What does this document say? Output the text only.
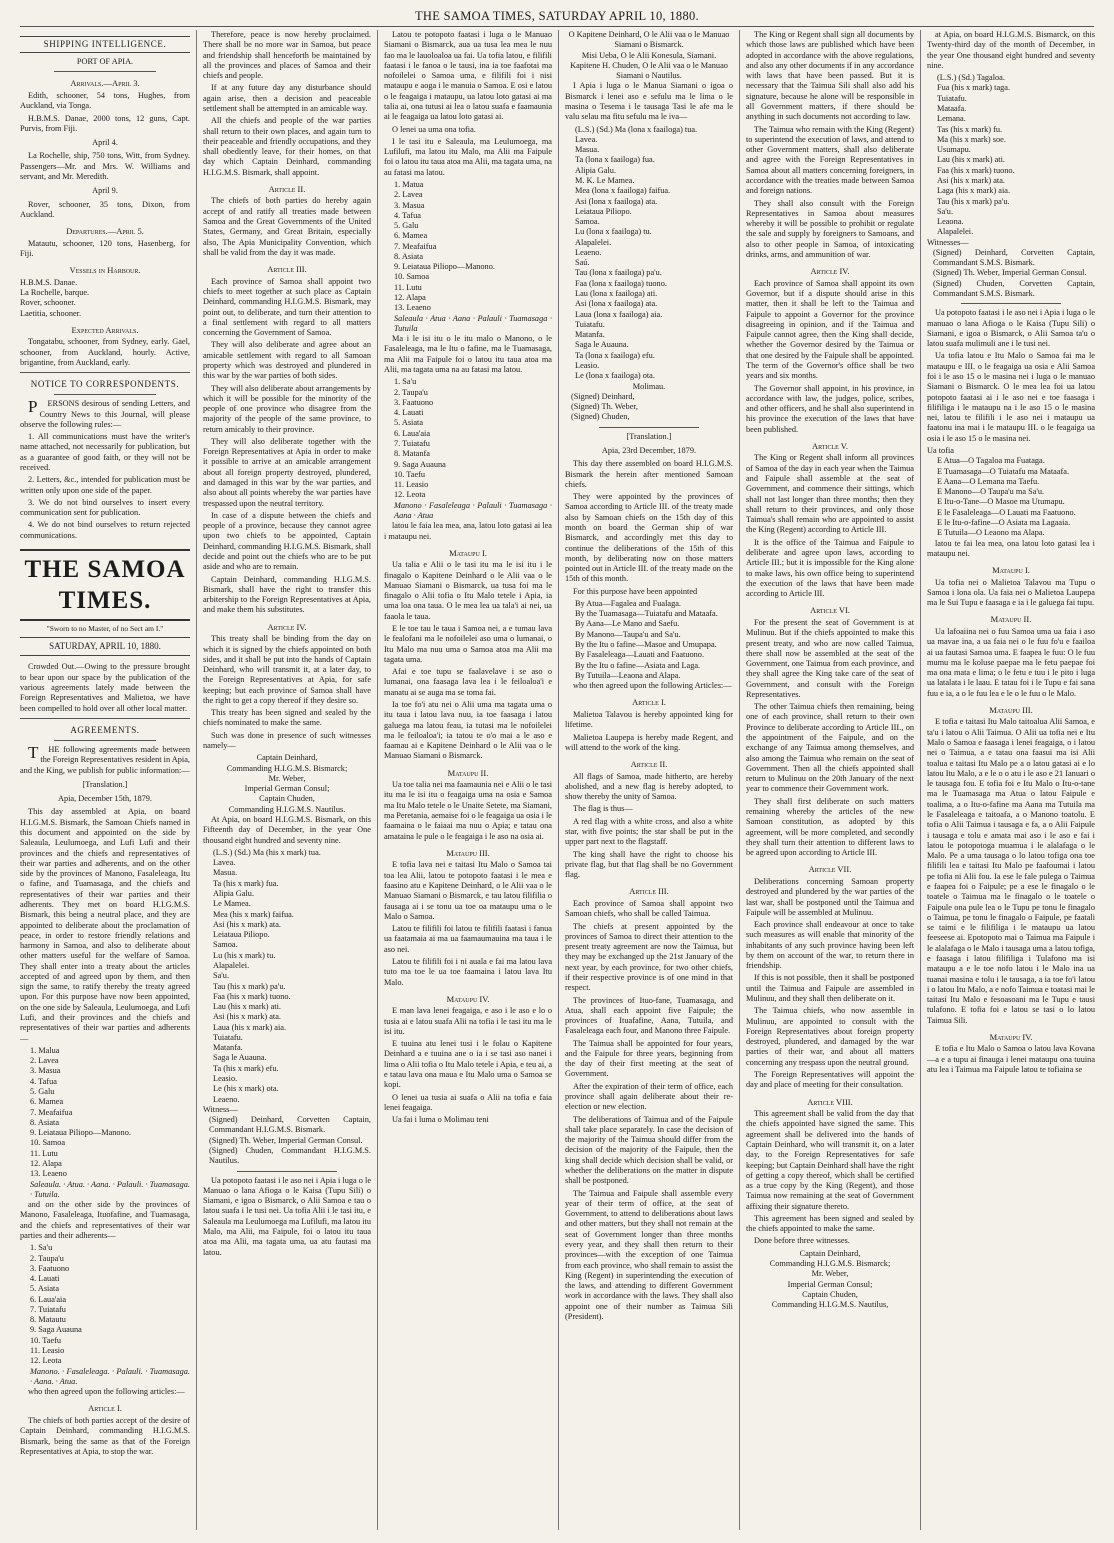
THE SAMOA TIMES, SATURDAY APRIL 10, 1880.
SHIPPING INTELLIGENCE.
PORT OF APIA.
Arrivals.—April 3.

Edith, schooner, 54 tons, Hughes, from Auckland, via Tonga.

H.B.M.S. Danae, 2000 tons, 12 guns, Capt. Purvis, from Fiji.

April 4.

La Rochelle, ship, 750 tons, Witt, from Sydney. Passengers—Mr. and Mrs. W. Williams and servant, and Mr. Meredith.

April 9.

Rover, schooner, 35 tons, Dixon, from Auckland.

Departures.—April 5.

Matautu, schooner, 120 tons, Hasenberg, for Fiji.

Vessels in Harbour.

H.B.M.S. Danae.

La Rochelle, barque.

Rover, schooner.

Laetitia, schooner.

Expected Arrivals.

Tongatabu, schooner, from Sydney, early. Gael, schooner, from Auckland, hourly. Active, brigantine, from Auckland, early.

NOTICE TO CORRESPONDENTS.

PERSONS desirous of sending Letters, and Country News to this Journal, will please observe the following rules:—

1. All communications must have the writer's name attached, not necessarily for publication, but as a guarantee of good faith, or they will not be received.

2. Letters, &c., intended for publication must be written only upon one side of the paper.

3. We do not bind ourselves to insert every communication sent for publication.

4. We do not bind ourselves to return rejected communications.

THE SAMOA TIMES.
"Sworn to no Master, of no Sect am I."
SATURDAY, APRIL 10, 1880.

Crowded Out.—Owing to the pressure brought to bear upon our space by the publication of the various agreements lately made between the Foreign Representatives and Malietoa, we have been compelled to hold over all other local matter.

AGREEMENTS.

THE following agreements made between the Foreign Representatives resident in Apia, and the King, we publish for public information:—

[Translation.]
Apia, December 15th, 1879.

This day assembled at Apia, on board H.I.G.M.S. Bismark, the Samoan Chiefs named in this document and appointed on the side by Saleaula, Leulumoega, and Lufi Lufi and their provinces and the chiefs and representatives of their war parties and adherents, and on the other side by the provinces of Manono, Fasaleleaga, Itu o fafine, and Tuamasaga, and the chiefs and representatives of their war parties and their adherents. They met on board H.I.G.M.S. Bismark, this being a neutral place, and they are appointed to deliberate about the proclamation of peace, in order to restore friendly relations and harmony in Samoa, and also to deliberate about other matters useful for the welfare of Samoa. They shall enter into a treaty about the articles accepted of and agreed upon by them, and then sign the same, to ratify thereby the treaty agreed upon. For this purpose have now been appointed, on the one side by Saleaula, Leulumoega, and Lufi Lufi, and their provinces and the chiefs and representatives of their war parties and adherents—

1. Malua

2. Lavea

3. Masua

4. Tafua

5. Galu

6. Mamea

7. Meafaifua

8. Asiata

9. Leiataua Piliopo—Manono.

10. Samoa

11. Lutu

12. Alapa

13. Leaeno

Saleaula. · Atua. · Aana. · Palauli. · Tuamasaga. · Tutuila.

and on the other side by the provinces of Manono, Fasaleleaga, Ituofafine, and Tuamasaga, and the chiefs and representatives of their war parties and their adherents—

1. Sa'u

2. Taupa'u

3. Faatuono

4. Lauati

5. Asiata

6. Laua'aia

7. Tuiatafu

8. Matautu

9. Saga Auauna

10. Taefu

11. Leasio

12. Leota

Manono. · Fasaleleaga. · Palauli. · Tuamasaga. · Aana. · Atua.

who then agreed upon the following articles:—

Article I.

The chiefs of both parties accept of the desire of Captain Deinhard, commanding H.I.G.M.S. Bismark, being the same as that of the Foreign Representatives at Apia, to stop the war.

Therefore, peace is now hereby proclaimed. There shall be no more war in Samoa, but peace and friendship shall henceforth be maintained by all the provinces and places of Samoa and their chiefs and people.

If at any future day any disturbance should again arise, then a decision and peaceable settlement shall be attempted in an amicable way.

All the chiefs and people of the war parties shall return to their own places, and again turn to their peaceable and friendly occupations, and they shall obediently leave, for their homes, on that day which Captain Deinhard, commanding H.I.G.M.S. Bismark, shall appoint.

Article II.

The chiefs of both parties do hereby again accept of and ratify all treaties made between Samoa and the Great Governments of the United States, Germany, and Great Britain, especially also, The Apia Municipality Convention, which shall be valid from the day it was made.

Article III.

Each province of Samoa shall appoint two chiefs to meet together at such place as Captain Deinhard, commanding H.I.G.M.S. Bismark, may point out, to deliberate, and turn their attention to a final settlement with regard to all matters concerning the Government of Samoa.

They will also deliberate and agree about an amicable settlement with regard to all Samoan property which was destroyed and plundered in this war by the war parties of both sides.

They will also deliberate about arrangements by which it will be possible for the minority of the people of one province who disagree from the majority of the people of the same province, to return amicably to their province.

They will also deliberate together with the Foreign Representatives at Apia in order to make it possible to arrive at an amicable arrangement about all foreign property destroyed, plundered, and damaged in this war by the war parties, and also about all points whereby the war parties have trespassed upon the neutral territory.

In case of a dispute between the chiefs and people of a province, because they cannot agree upon two chiefs to be appointed, Captain Deinhard, commanding H.I.G.M.S. Bismark, shall decide and point out the chiefs who are to be put aside and who are to remain.

Captain Deinhard, commanding H.I.G.M.S. Bismark, shall have the right to transfer this arbitership to the Foreign Representatives at Apia, and make them his substitutes.

Article IV.

This treaty shall be binding from the day on which it is signed by the chiefs appointed on both sides, and it shall be put into the hands of Captain Deinhard, who will transmit it, at a later day, to the Foreign Representatives at Apia, for safe keeping; but each province of Samoa shall have the right to get a copy thereof if they desire so.

This treaty has been signed and sealed by the chiefs nominated to make the same.

Such was done in presence of such witnesses namely—

Captain Deinhard,

Commanding H.I.G.M.S. Bismarck;

Mr. Weber,

Imperial German Consul;

Captain Chuden,

Commanding H.I.G.M.S. Nautilus.

At Apia, on board H.I.G.M.S. Bismark, on this Fifteenth day of December, in the year One thousand eight hundred and seventy nine.

(L.S.) (Sd.) Ma (his x mark) tua.

Lavea.

Masua.

Ta (his x mark) fua.

Alipia Galu.

Le Mamea.

Mea (his x mark) faifua.

Asi (his x mark) ata.

Leiataua Piliopo.

Samoa.

Lu (his x mark) tu.

Alapalelei.

Sa'u.

Tau (his x mark) pa'u.

Faa (his x mark) tuono.

Lau (his x mark) ati.

Asi (his x mark) ata.

Laua (his x mark) aia.

Tuiatafu.

Matanfa.

Saga le Auauna.

Ta (his x mark) efu.

Leasio.

Le (his x mark) ota.

Leaeno.

Witness—

(Signed) Deinhard, Corvetten Captain, Commandant H.I.G.M.S. Bismark.

(Signed) Th. Weber, Imperial German Consul.

(Signed) Chuden, Commandant H.I.G.M.S. Nautilus.

Ua potopoto faatasi i le aso nei i Apia i luga o le Manuao o lana Afioga o le Kaisa (Tupu Sili) o Siamani, e igoa o Bismarck, o Alii Samoa e tau o latou suafa i le tusi nei. Ua tofia Alii i le tasi itu, e Saleaula ma Leulumoega ma Lufilufi, ma latou itu Malo, ma Alii, ma Faipule, foi o latou itu taua atoa ma Alii, ma tagata uma, ua atu fautasi ma latou.

Latou te potopoto faatasi i luga o le Manuao Siamani o Bismarck, aua ua tusa lea mea le nuu fao ma le lauoloaloa ua fai. Ua tofia latou, e filifili faatasi i le fanoa o le tausi, ina ia toe faafotai ma nofoilelei o Samoa uma, e filifili foi i nisi mataupu e aoga i le manuia o Samoa. E osi e latou o le feagaiga i mataupu, ua latou loto gatasi ai ma talia ai, ona tutusi ai lea o latou suafa e faamaunia ai le feagaiga ua latou loto gatasi ai.

O lenei ua uma ona tofia.

I le tasi itu e Saleaula, ma Leulumoega, ma Lufilufi, ma latou itu Malo, ma Alii ma Faipule foi o latou itu taua atoa ma Alii, ma tagata uma, na au fatasi ma latou.

1. Matua

2. Lavea

3. Masua

4. Tafua

5. Galu

6. Mamea

7. Meafaifua

8. Asiata

9. Leiataua Piliopo—Manono.

10. Samoa

11. Lutu

12. Alapa

13. Leaeno

Saleaula · Atua · Aana · Palauli · Tuamasaga · Tutuila

Ma i le isi itu o le itu malo o Manono, o le Fasaleleaga, ma le Itu o fafine, ma le Tuamasaga, ma Alii ma Faipule foi o latou itu taua atoa ma Alii, ma tagata uma na au fatasi ma latou.

1. Sa'u

2. Taupa'u

3. Faatuono

4. Lauati

5. Asiata

6. Laua'aia

7. Tuiatafu

8. Matanfa

9. Saga Auauna

10. Taefu

11. Leasio

12. Leota

Manono · Fasaleleaga · Palauli · Tuamasaga · Aana · Atua

latou le faia lea mea, ana, latou loto gatasi ai lea i mataupu nei.

Mataupu I.

Ua talia e Alii o le tasi itu ma le isi itu i le finagalo o Kapitene Deinhard o le Alii vaa o le Manuao Siamani o Bismarck, ua tusa foi ma le finagalo o Alii tofia o Itu Malo tetele i Apia, ia uma loa ona taua. O le mea lea ua tala'i ai nei, ua faaola le taua.

E le toe tau le taua i Samoa nei, a e tumau lava le fealofani ma le nofoilelei aso uma o lumanai, o Itu Malo ma nuu uma o Samoa atoa ma Alii ma tagata uma.

Afai e toe tupu se faalavelave i se aso o lumanai, ona faasaga lava lea i le feiloaloa'i e manatu ai se auga ma se toma fai.

Ia toe fo'i atu nei o Alii uma ma tagata uma o itu taua i latou lava nuu, ia toe faasaga i latou galuega ma latou feau, ia tutasi ma le nofoilelei ma le feiloaloa'i; ia tatou te o'o mai a le aso e faamau ai e Kapitene Deinhard o le Alii vaa o le Manuao Siamani o Bismarck.

Mataupu II.

Ua toe talia nei ma faamaunia nei e Alii o le tasi itu ma le isi itu o feagaiga uma na osia e Samoa ma Itu Malo tetele o le Unaite Setete, ma Siamani, ma Peretania, aemaise foi o le feagaiga ua osia i le faamaina o le faiaai ma nuu o Apia; e tatau ona amataina le pule o le feagaiga i le aso na osia ai.

Mataupu III.

E tofia lava nei e taitasi Itu Malo o Samoa tai toa lea Alii, latou te potopoto faatasi i le mea e faasino atu e Kapitene Deinhard, o le Alii vaa o le Manuao Siamani o Bismarck, e tau latou filifilia o fausaga ai i se tonu ua toe oa mataupu uma o le Malo o Samoa.

Latou te filifili foi latou te filifili faatasi i fanua ua faatamaia ai ma ua faamaumauina ma taua i le aso nei.

Latou te filifili foi i ni auala e fai ma latou lava tuto ma toe le ua toe faamaina i latou lava Itu Malo.

Mataupu IV.

E man lava lenei feagaiga, e aso i le aso e lo o tusia ai e latou suafa Alii na tofia i le tasi itu ma le isi itu.

E tuuina atu lenei tusi i le folau o Kapitene Deinhard a e tuuina ane o ia i se tasi aso nanei i lima o Alii tofia o Itu Malo tetele i Apia, e teu ai, a e tatau lava ona maua e Itu Malo uma o Samoa se kopi.

O lenei ua tusia ai suafa o Alii na tofia e faia lenei feagaiga.

Ua fai i luma o Molimau teni

O Kapitene Deinhard, O le Alii vaa o le Manuao Siamani o Bismarck.

Misi Ueba, O le Alii Konesula, Siamani.

Kapitene H. Chuden, O le Alii vaa o le Manuao Siamani o Nautilus.

I Apia i luga o le Manua Siamani o igoa o Bismarck i lenei aso e sefulu ma le lima o le masina o Tesema i le tausaga Tasi le afe ma le valu selau ma fitu sefulu ma le iva—

(L.S.) (Sd.) Ma (lona x faailoga) tua.

Lavea.

Masua.

Ta (lona x faailoga) fua.

Alipia Galu.

M. K. Le Mamea.

Mea (lona x faailoga) faifua.

Asi (lona x faailoga) ata.

Leiataua Piliopo.

Samoa.

Lu (lona x faailoga) tu.

Alapalelei.

Leaeno.

Saú.

Tau (lona x faailoga) pa'u.

Faa (lona x faailoga) tuono.

Lau (lona x faailoga) ati.

Asi (lona x faailoga) ata.

Laua (lona x faailoga) aia.

Tuiatafu.

Matanfa.

Saga le Auauna.

Ta (lona x faailoga) efu.

Leasio.

Le (lona x faailoga) ota.

Molimau.

(Signed) Deinhard,

(Signed) Th. Weber,

(Signed) Chuden,

[Translation.]
Apia, 23rd December, 1879.

This day there assembled on board H.I.G.M.S. Bismark the herein after mentioned Samoan chiefs.

They were appointed by the provinces of Samoa according to Article III. of the treaty made also by Samoan chiefs on the 15th day of this month on board the German ship of war Bismarck, and accordingly met this day to continue the deliberations of the 15th of this month, by deliberating now on those matters pointed out in Article III. of the treaty made on the 15th of this month.

For this purpose have been appointed

By Atua—Fagalea and Fualaga.

By the Tuamasaga—Tuiatafu and Mataafa.

By Aana—Le Mano and Saefu.

By Manono—Taupa'u and Sa'u.

By the Itu o fafine—Masoe and Umupapa.

By Fasaleleaga—Lauati and Faatuono.

By the Itu o fafine—Asiata and Laga.

By Tutuila—Leaona and Alapa.

who then agreed upon the following Articles:—

Article I.

Malietoa Talavou is hereby appointed king for lifetime.

Malietoa Laupepa is hereby made Regent, and will attend to the work of the king.

Article II.

All flags of Samoa, made hitherto, are hereby abolished, and a new flag is hereby adopted, to show thereby the unity of Samoa.

The flag is thus—

A red flag with a white cross, and also a white star, with five points; the star shall be put in the upper part next to the flagstaff.

The king shall have the right to choose his private flag, but that flag shall be no Government flag.

Article III.

Each province of Samoa shall appoint two Samoan chiefs, who shall be called Taimua.

The chiefs at present appointed by the provinces of Samoa to direct their attention to the present treaty agreement are now the Taimua, but they may be exchanged up the 21st January of the next year, by each province, for two other chiefs, if their respective province is of one mind in that respect.

The provinces of Ituo-fane, Tuamasaga, and Atua, shall each appoint five Faipule; the provinces of Ituafafine, Aana, Tutuila, and Fasaleleaga each four, and Manono three Faipule.

The Taimua shall be appointed for four years, and the Faipule for three years, beginning from the day of their first meeting at the seat of Government.

After the expiration of their term of office, each province shall again deliberate about their re-election or new election.

The deliberations of Taimua and of the Faipule shall take place separately. In case the decision of the majority of the Taimua should differ from the decision of the majority of the Faipule, then the king shall decide which decision shall be valid, or whether the deliberations on the matter in dispute shall be postponed.

The Taimua and Faipule shall assemble every year of their term of office, at the seat of Government, to attend to deliberations about laws and other matters, but they shall not remain at the seat of Government longer than three months every year, and they shall then return to their provinces—with the exception of one Taimua from each province, who shall remain to assist the King (Regent) in superintending the execution of the laws, and attending to different Government work in accordance with the laws. They shall also appoint one of their number as Taimua Sili (President).

The King or Regent shall sign all documents by which those laws are published which have been adopted in accordance with the above regulations, and also any other documents if in any accordance with laws that have been passed. But it is necessary that the Taimua Sili shall also add his signature, because he alone will be responsible in all Government matters, if there should be anything in such documents not according to law.

The Taimua who remain with the King (Regent) to superintend the execution of laws, and attend to other Government matters, shall also deliberate and agree with the Foreign Representatives in Samoa about all matters concerning foreigners, in accordance with the treaties made between Samoa and foreign nations.

They shall also consult with the Foreign Representatives in Samoa about measures whereby it will be possible to prohibit or regulate the sale and supply by foreigners to Samoans, and also to other people in Samoa, of intoxicating drinks, arms, and ammunition of war.

Article IV.

Each province of Samoa shall appoint its own Governor, but if a dispute should arise in this matter, then it shall be left to the Taimua and Faipule to appoint a Governor for the province disagreeing in opinion, and if the Taimua and Faipule cannot agree, then the King shall decide, whether the Governor desired by the Taimua or that one desired by the Faipule shall be appointed. The term of the Governor's office shall be two years and six months.

The Governor shall appoint, in his province, in accordance with law, the judges, police, scribes, and other officers, and he shall also superintend in his province the execution of the laws that have been published.

Article V.

The King or Regent shall inform all provinces of Samoa of the day in each year when the Taimua and Faipule shall assemble at the seat of Government, and commence their sittings, which shall not last longer than three months; then they shall return to their provinces, and only those Taimua's shall remain who are appointed to assist the King (Regent) according to Article III.

It is the office of the Taimua and Faipule to deliberate and agree upon laws, according to Article III.; but it is impossible for the King alone to make laws, his own office being to superintend the execution of the laws that have been made according to Article III.

Article VI.

For the present the seat of Government is at Mulinuu. But if the chiefs appointed to make this present treaty, and who are now called Taimua, there shall now be assembled at the seat of the Government, one Taimua from each province, and they shall agree the King take care of the seat of Government, and consult with the Foreign Representatives.

The other Taimua chiefs then remaining, being one of each province, shall return to their own Province to deliberate according to Article III., on the appointment of the Faipule, and on the exchange of any Taimua among themselves, and also among the Taimua who remain on the seat of Government. Then all the chiefs appointed shall return to Mulinuu on the 20th January of the next year to commence their Government work.

They shall first deliberate on such matters remaining whereby the articles of the new Samoan constitution, as adopted by this agreement, will be more completed, and secondly they shall turn their attention to different laws to be agreed upon according to Article III.

Article VII.

Deliberations concerning Samoan property destroyed and plundered by the war parties of the last war, shall be postponed until the Taimua and Faipule will be assembled at Mulinuu.

Each province shall endeavour at once to take such measures as will enable that minority of the inhabitants of any such province having been left by them on account of the war, to return there in friendship.

If this is not possible, then it shall be postponed until the Taimua and Faipule are assembled in Mulinuu, and they shall then deliberate on it.

The Taimua chiefs, who now assemble in Mulinuu, are appointed to consult with the Foreign Representatives about foreign property destroyed, plundered, and damaged by the war parties of their war, and about all matters concerning any trespass upon the neutral ground.

The Foreign Representatives will appoint the day and place of meeting for their consultation.

Article VIII.

This agreement shall be valid from the day that the chiefs appointed have signed the same. This agreement shall be delivered into the hands of Captain Deinhard, who will transmit it, on a later day, to the Foreign Representatives for safe keeping; but Captain Deinhard shall have the right of getting a copy thereof, which shall be certified as a true copy by the King (Regent), and those Taimua now remaining at the seat of Government affixing their signature thereto.

This agreement has been signed and sealed by the chiefs appointed to make the same.

Done before three witnesses.

Captain Deinhard,

Commanding H.I.G.M.S. Bismarck;

Mr. Weber,

Imperial German Consul;

Captain Chuden,

Commanding H.I.G.M.S. Nautilus,

at Apia, on board H.I.G.M.S. Bismarck, on this Twenty-third day of the month of December, in the year One thousand eight hundred and seventy nine.

(L.S.) (Sd.) Tagaloa.

Fua (his x mark) taga.

Tuiatafu.

Mataafa.

Lemana.

Tas (his x mark) fu.

Ma (his x mark) soe.

Usumapu.

Lau (his x mark) ati.

Faa (his x mark) tuono.

Asi (his x mark) ata.

Laga (his x mark) aia.

Tau (his x mark) pa'u.

Sa'u.

Leaona.

Alapalelei.

Witnesses—

(Signed) Deinhard, Corvetten Captain, Commandant S.M.S. Bismark.

(Signed) Th. Weber, Imperial German Consul.

(Signed) Chuden, Corvetten Captain, Commandant S.M.S. Bismark.

Ua potopoto faatasi i le aso nei i Apia i luga o le manuao o lana Afioga o le Kaisa (Tupu Sili) o Siamani, e igoa o Bismarck, o Alii Samoa ta'u o latou suafa mulimuli ane i le tusi nei.

Ua tofia latou e Itu Malo o Samoa fai ma le mataupu e III. o le feagaiga ua osia e Alii Samoa foi i le aso 15 o le masina nei i luga o le manuao Siamani o Bismarck. O le mea lea foi ua latou potopoto faatasi ai i le aso nei e toe faasaga i filifiliga i le mataupu na i le aso 15 o le masina nei, latou te filifili i le aso nei i mataupu ua faatonu ina mai i le mataupu III. o le feagaiga ua osia i le aso 15 o le masina nei.

Ua tofia

E Atua—O Tagaloa ma Fuataga.

E Tuamasaga—O Tuiatafu ma Mataafa.

E Aana—O Lemana ma Taefu.

E Manono—O Taupa'u ma Sa'u.

E Itu-o-Tane—O Masoe ma Utumapu.

E le Fasaleleaga—O Lauati ma Faatuono.

E le Itu-o-fafine—O Asiata ma Lagaaia.

E Tutuila—O Leaono ma Alapa.

latou te fai lea mea, ona latou loto gatasi lea i mataupu nei.

Mataupu I.

Ua tofia nei o Malietoa Talavou ma Tupu o Samoa i lona ola. Ua faia nei o Malietoa Laupepa ma le Sui Tupu e faasaga e ia i le galuega fai tupu.

Mataupu II.

Ua lafoaiina nei o fuu Samoa uma ua faia i aso ua mavae ina, a ua faia nei o le fuu fo'u e faailoa ai ua fautasi Samoa uma. E faapea le fuu: O le fuu mumu ma le koluse paepae ma le fetu paepae foi ma ona mata e lima; o le fetu e tuu i le pito i luga ua latalata i le laau. E tatau foi i le Tupu e fai sana fuu e ia, a o le fuu lea e le o le fuu o le Malo.

Mataupu III.

E tofia e taitasi Itu Malo taitoalua Alii Samoa, e ta'u i latou o Alii Taimua. O Alii ua tofia nei e Itu Malo o Samoa e faasaga i lenei feagaiga, o i latou nei o Taimua, a e tatau ona faasui ma isi Alii toalua e taitasi Itu Malo pe a o latou gatasi ai e lo latou Itu Malo, a e le o o atu i le aso e 21 Ianuari o le tausaga fou. E tofia foi e Itu Malo o Itu-o-tane ma le Tuamasaga ma Atua o latou Faipule e toalima, a o Itu-o-fafine ma Aana ma Tutuila ma le Fasaleleaga e taitoafa, a o Manono toatolu. E tofia o Alii Taimua i tausaga e fa, a o Alii Faipule i tausaga e tolu e amata mai aso i le aso e fai i latou le potopotoga muamua i le alalafaga o le Malo. Pe a uma tausaga o lo latou tofiga ona toe filifili lea e taitasi Itu Malo pe faafoumai i latou pe tofia ni Alii fou. Ia ese le fale pulega o Taimua e faapea foi o Faipule; pe a ese le finagalo o le toatele o Taimua ma le finagalo o le toatele o Faipule ona pule lea o le Tupu pe tonu le finagalo o Taimua, pe tonu le finagalo o Faipule, pe faatali se taimi e le filifiliga i le mataupu ua latou feeseese ai. Epotopoto mai o Taimua ma Faipule i le alalafaga o le Malo i tausaga uma a latou tofiga, e faasaga i latou filifiliga i Tulafono ma isi mataupu a e le toe nofo latou i le Malo ina ua tuanai masina e tolu i le tausaga, a ia toe fo'i latou i o latou Itu Malo, a e nofo Taimua e toatasi mai le taitasi Itu Malo e fesoasoani ma le Tupu e tausi tulafono. E tofia foi e latou se tasi o lo latou Taimua Sili.

Mataupu IV.

E tofia e Itu Malo o Samoa o latou lava Kovana—a e a tupu ai finauga i lenei mataupu ona tuuina atu lea i Taimua ma Faipule latou te tofiaina se
